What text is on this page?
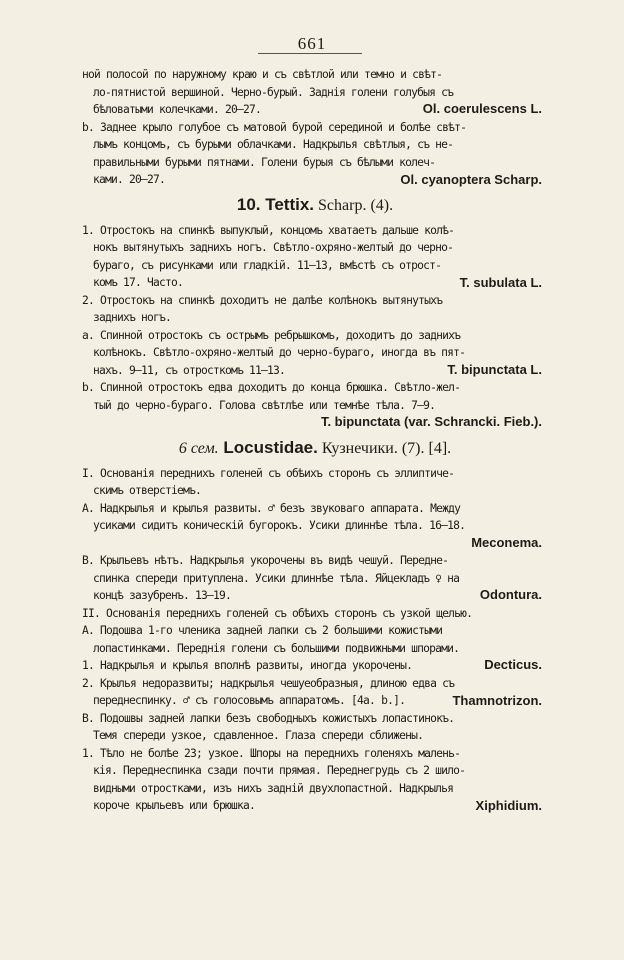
661
ной полосой по наружному краю и съ свѣтлой или темно и свѣт-
ло-пятнистой вершиной. Черно-бурый. Заднія голени голубыя съ
бѣловатыми колечками. 20—27.	Ol. coerulescens L.
b. Заднее крыло голубое съ матовой бурой серединой и болѣе свѣт-
лымъ концомъ, съ бурыми облачками. Надкрылья свѣтлыя, съ не-
правильными бурыми пятнами. Голени бурыя съ бѣлыми колеч-
ками. 20—27.	Ol. cyanoptera Scharp.
10. Tettix. Scharp. (4).
1. Отростокъ на спинкѣ выпуклый, концомъ хватаетъ дальше колѣ-
нокъ вытянутыхъ заднихъ ногъ. Свѣтло-охряно-желтый до черно-
бураго, съ рисунками или гладкій. 11—13, вмѣстѣ съ отрост-
комъ 17. Часто.	T. subulata L.
2. Отростокъ на спинкѣ доходитъ не далѣе колѣнокъ вытянутыхъ
заднихъ ногъ.
a. Спинной отростокъ съ острымъ ребрышкомъ, доходитъ до заднихъ
колѣнокъ. Свѣтло-охряно-желтый до черно-бураго, иногда въ пят-
нахъ. 9—11, съ отросткомъ 11—13.	T. bipunctata L.
b. Спинной отростокъ едва доходитъ до конца брюшка. Свѣтло-жел-
тый до черно-бураго. Голова свѣтлѣе или темнѣе тѣла. 7—9.
T. bipunctata (var. Schrancki. Fieb.).
6 сем. Locustidae. Кузнечики. (7). [4].
I. Основанія переднихъ голеней съ обѣихъ сторонъ съ эллиптиче-
скимъ отверстіемъ.
A. Надкрылья и крылья развиты. ♂ безъ звуковаго аппарата. Между
усиками сидитъ коническій бугорокъ. Усики длиннѣе тѣла. 16—18.
Meconema.
B. Крыльевъ нѣтъ. Надкрылья укорочены въ видѣ чешуй. Передне-
спинка спереди притуплена. Усики длиннѣе тѣла. Яйцекладъ ♀ на
концѣ зазубренъ. 13—19.	Odontura.
II. Основанія переднихъ голеней съ обѣихъ сторонъ съ узкой щелью.
A. Подошва 1-го членика задней лапки съ 2 большими кожистыми
лопастинками. Переднія голени съ большими подвижными шпорами.
1. Надкрылья и крылья вполнѣ развиты, иногда укорочены.	Decticus.
2. Крылья недоразвиты; надкрылья чешуеобразныя, длиною едва съ
переднеспинку. ♂ съ голосовымъ аппаратомъ. [4a. b.].	Thamnotrizon.
B. Подошвы задней лапки безъ свободныхъ кожистыхъ лопастинокъ.
Темя спереди узкое, сдавленное. Глаза спереди сближены.
1. Тѣло не болѣе 23; узкое. Шпоры на переднихъ голеняхъ малень-
кія. Переднеспинка сзади почти прямая. Переднегрудь съ 2 шило-
видными отростками, изъ нихъ задній двухлопастной. Надкрылья
короче крыльевъ или брюшка.	Xiphidium.
